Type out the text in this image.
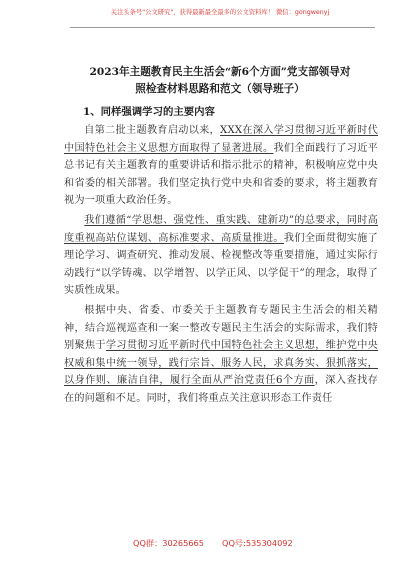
关注头条号"公文研究"，获得最新最全最多的公文资料库！ 微信：gongwenyj
2023年主题教育民主生活会“新6个方面”党支部领导对
照检查材料思路和范文（领导班子）
1、同样强调学习的主要内容

自第二批主题教育启动以来，XXX在深入学习贯彻习近平新时代中国特色社会主义思想方面取得了显著进展。我们全面践行了习近平总书记有关主题教育的重要讲话和指示批示的精神，积极响应党中央和省委的相关部署。我们坚定执行党中央和省委的要求，将主题教育视为一项重大政治任务。

我们遵循“学思想、强党性、重实践、建新功”的总要求，同时高度重视高站位谋划、高标准要求、高质量推进。我们全面贯彻实施了理论学习、调查研究、推动发展、检视整改等重要措施，通过实际行动践行“以学铸魂、以学增智、以学正风、以学促干”的理念，取得了实质性成果。

根据中央、省委、市委关于主题教育专题民主生活会的相关精神，结合巡视巡查和一案一整改专题民主生活会的实际需求，我们特别聚焦于学习贯彻习近平新时代中国特色社会主义思想，维护党中央权威和集中统一领导，践行宗旨、服务人民，求真务实、狠抓落实，以身作则、廉洁自律，履行全面从严治党责任6个方面，深入查找存在的问题和不足。同时，我们将重点关注意识形态工作责任

QQ群：30265665 QQ号:535304092
